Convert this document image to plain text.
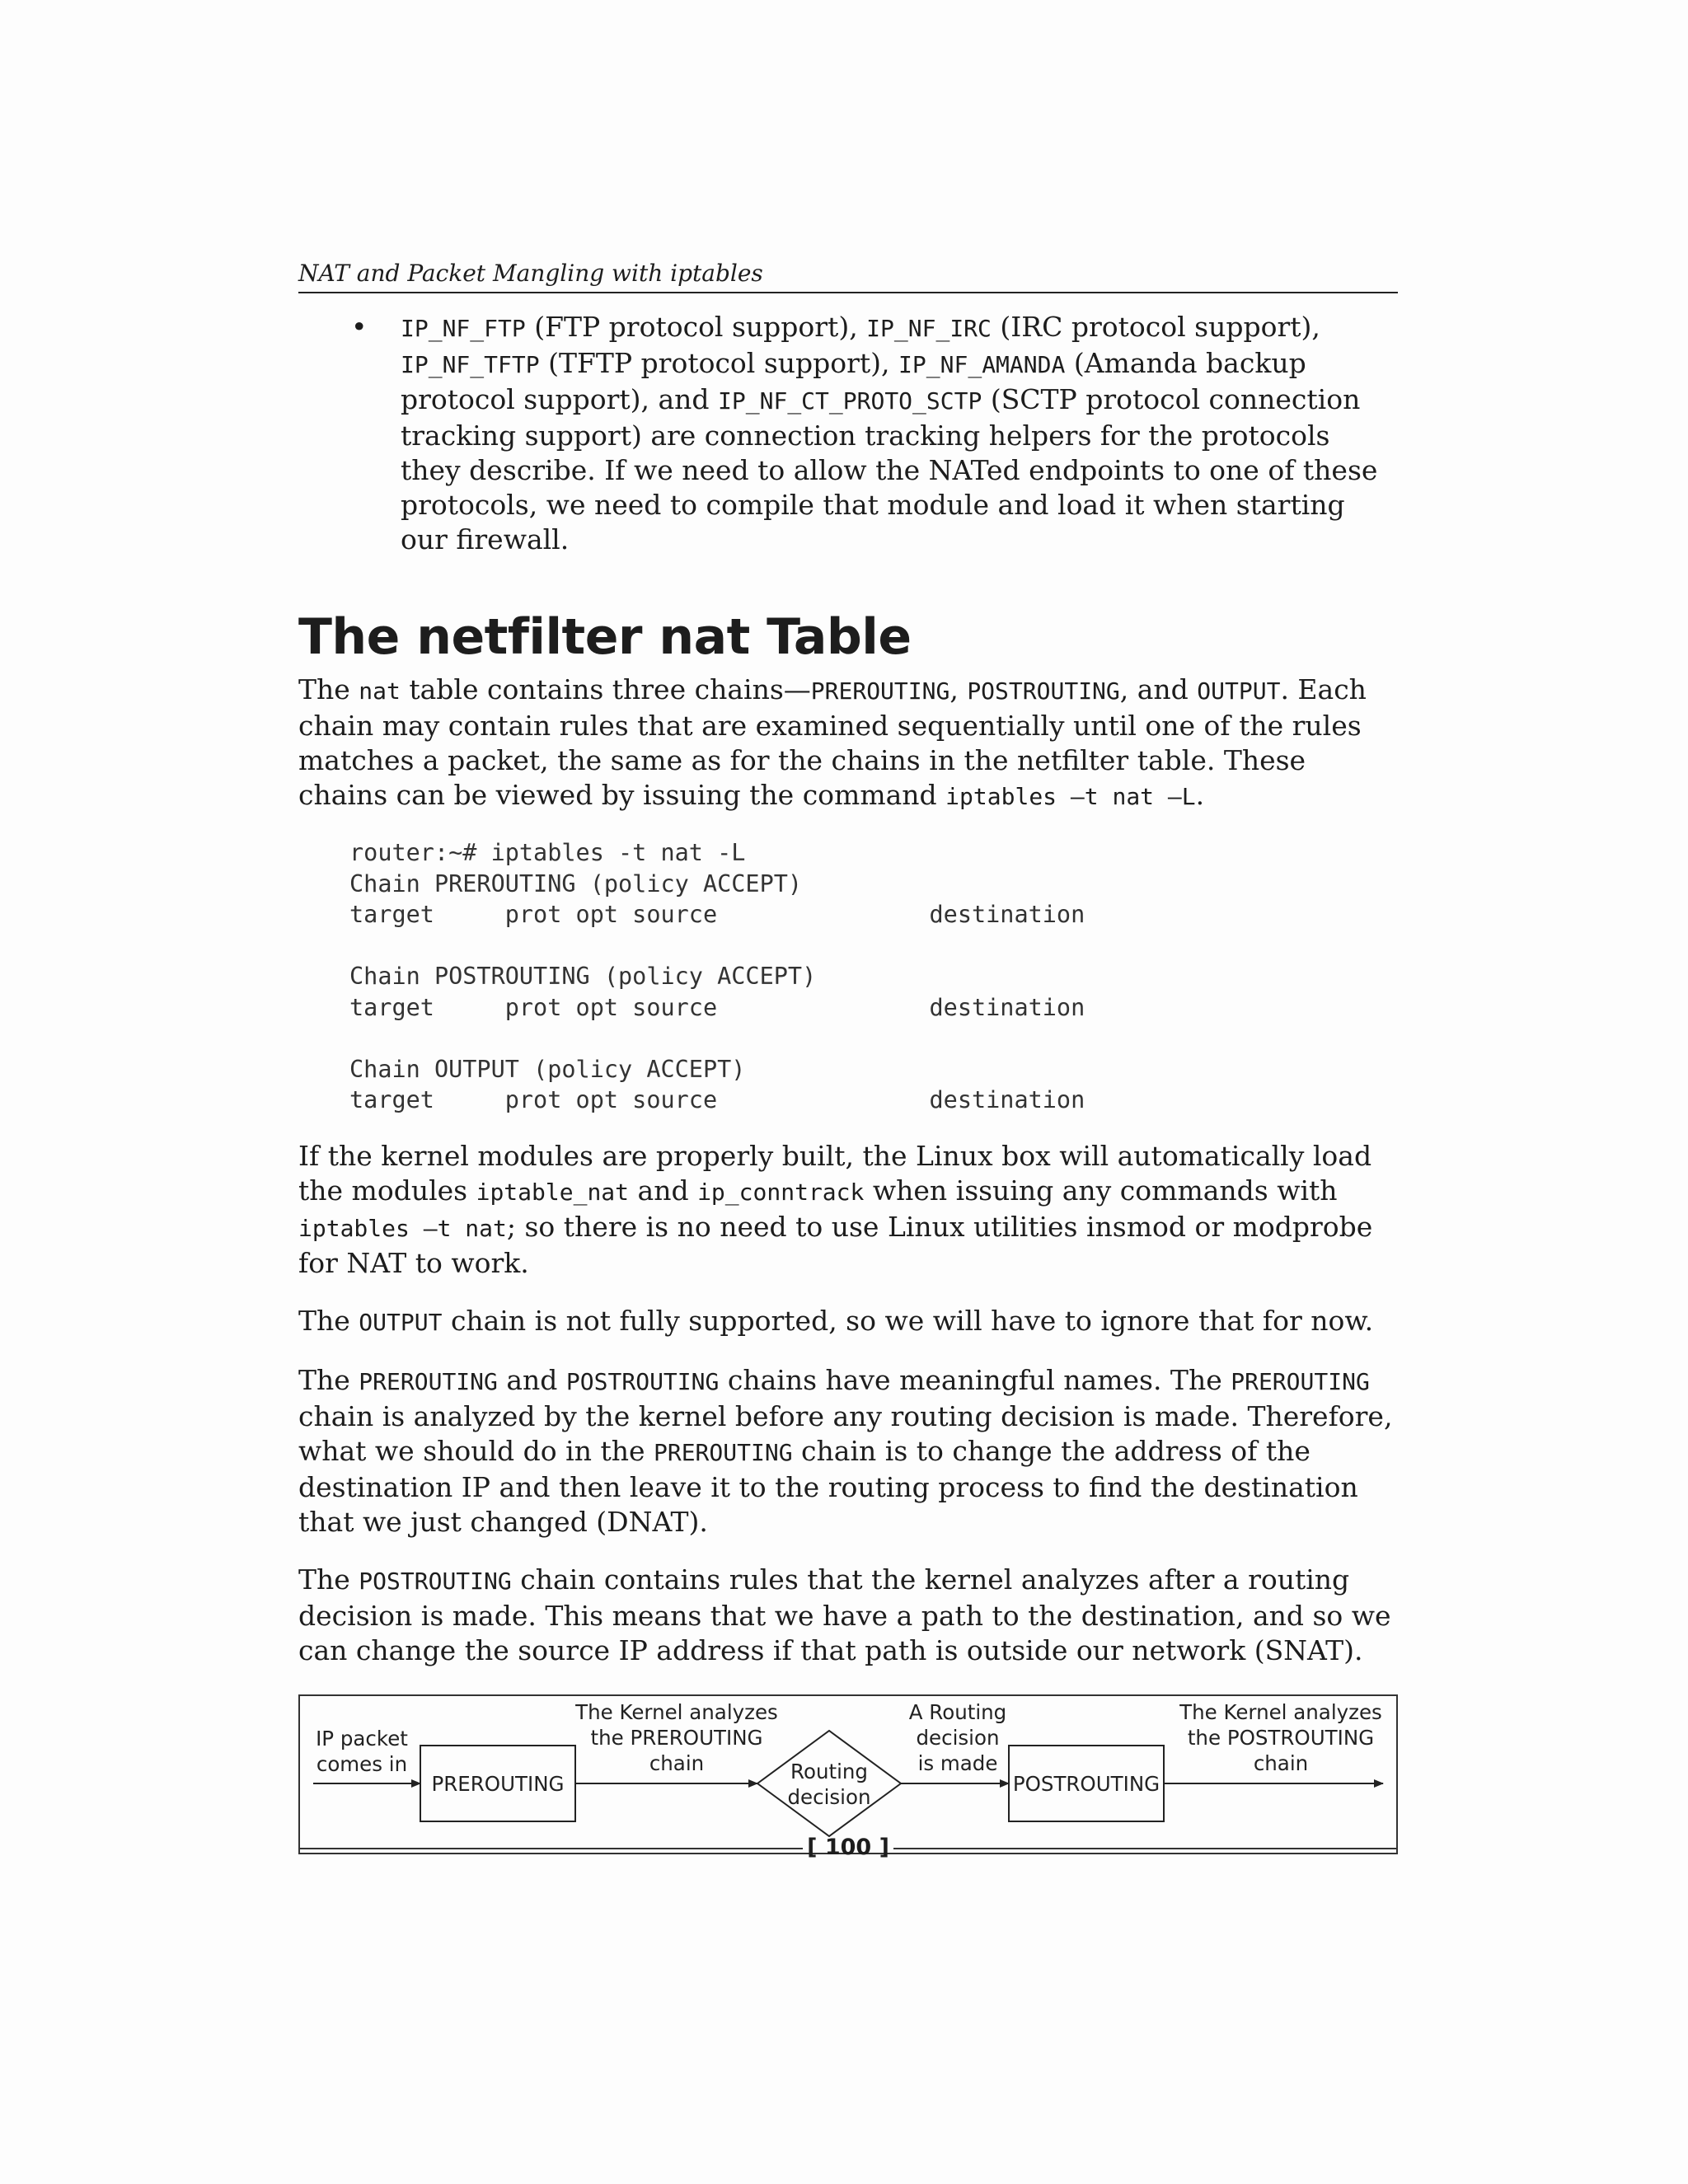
NAT and Packet Mangling with iptables
• IP_NF_FTP (FTP protocol support), IP_NF_IRC (IRC protocol support), IP_NF_TFTP (TFTP protocol support), IP_NF_AMANDA (Amanda backup protocol support), and IP_NF_CT_PROTO_SCTP (SCTP protocol connection tracking support) are connection tracking helpers for the protocols they describe. If we need to allow the NATed endpoints to one of these protocols, we need to compile that module and load it when starting our firewall.
The netfilter nat Table

The nat table contains three chains—PREROUTING, POSTROUTING, and OUTPUT. Each chain may contain rules that are examined sequentially until one of the rules matches a packet, the same as for the chains in the netfilter table. These chains can be viewed by issuing the command iptables –t nat –L.

router:~# iptables -t nat -L
Chain PREROUTING (policy ACCEPT)
target     prot opt source               destination

Chain POSTROUTING (policy ACCEPT)
target     prot opt source               destination

Chain OUTPUT (policy ACCEPT)
target     prot opt source               destination

If the kernel modules are properly built, the Linux box will automatically load the modules iptable_nat and ip_conntrack when issuing any commands with iptables –t nat; so there is no need to use Linux utilities insmod or modprobe for NAT to work.

The OUTPUT chain is not fully supported, so we will have to ignore that for now.

The PREROUTING and POSTROUTING chains have meaningful names. The PREROUTING chain is analyzed by the kernel before any routing decision is made. Therefore, what we should do in the PREROUTING chain is to change the address of the destination IP and then leave it to the routing process to find the destination that we just changed (DNAT).

The POSTROUTING chain contains rules that the kernel analyzes after a routing decision is made. This means that we have a path to the destination, and so we can change the source IP address if that path is outside our network (SNAT).

IP packet
comes in
PREROUTING
The Kernel analyzes
the PREROUTING
chain	Routing
decision
A Routing
decision
is made
POSTROUTING
The Kernel analyzes
the POSTROUTING
chain
[ 100 ]
